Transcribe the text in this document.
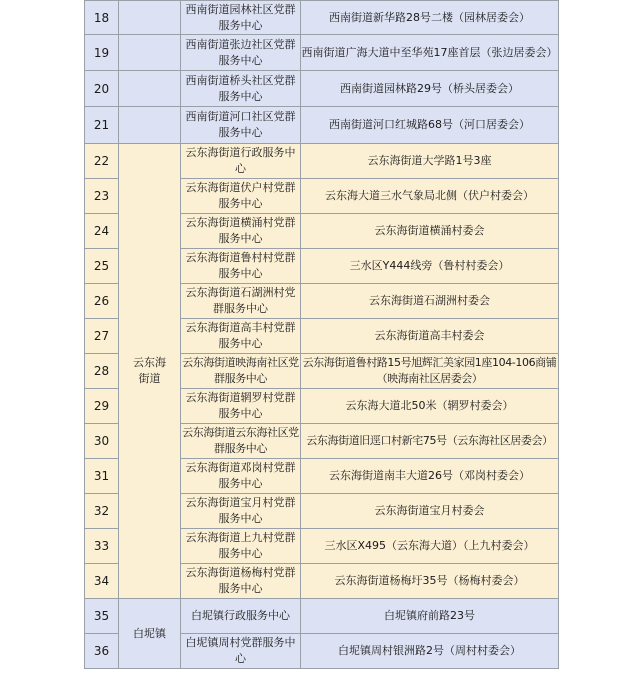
18		西南街道园林社区党群服务中心	西南街道新华路28号二楼（园林居委会）
19		西南街道张边社区党群服务中心	西南街道广海大道中至华苑17座首层（张边居委会）
20		西南街道桥头社区党群服务中心	西南街道园林路29号（桥头居委会）
21		西南街道河口社区党群服务中心	西南街道河口红城路68号（河口居委会）
22	云东海街道	云东海街道行政服务中心	云东海街道大学路1号3座
23		云东海街道伏户村党群服务中心	云东海大道三水气象局北侧（伏户村委会）
24		云东海街道横涌村党群服务中心	云东海街道横涌村委会
25		云东海街道鲁村村党群服务中心	三水区Y444线旁（鲁村村委会）
26		云东海街道石湖洲村党群服务中心	云东海街道石湖洲村委会
27		云东海街道高丰村党群服务中心	云东海街道高丰村委会
28		云东海街道映海南社区党群服务中心	云东海街道鲁村路15号旭辉汇美家园1座104-106商铺（映海南社区居委会）
29		云东海街道辋罗村党群服务中心	云东海大道北50米（辋罗村委会）
30		云东海街道云东海社区党群服务中心	云东海街道旧逕口村新宅75号（云东海社区居委会）
31		云东海街道邓岗村党群服务中心	云东海街道南丰大道26号（邓岗村委会）
32		云东海街道宝月村党群服务中心	云东海街道宝月村委会
33		云东海街道上九村党群服务中心	三水区X495（云东海大道）（上九村委会）
34		云东海街道杨梅村党群服务中心	云东海街道杨梅圩35号（杨梅村委会）
35	白坭镇	白坭镇行政服务中心	白坭镇府前路23号
36		白坭镇周村党群服务中心	白坭镇周村银洲路2号（周村村委会）
